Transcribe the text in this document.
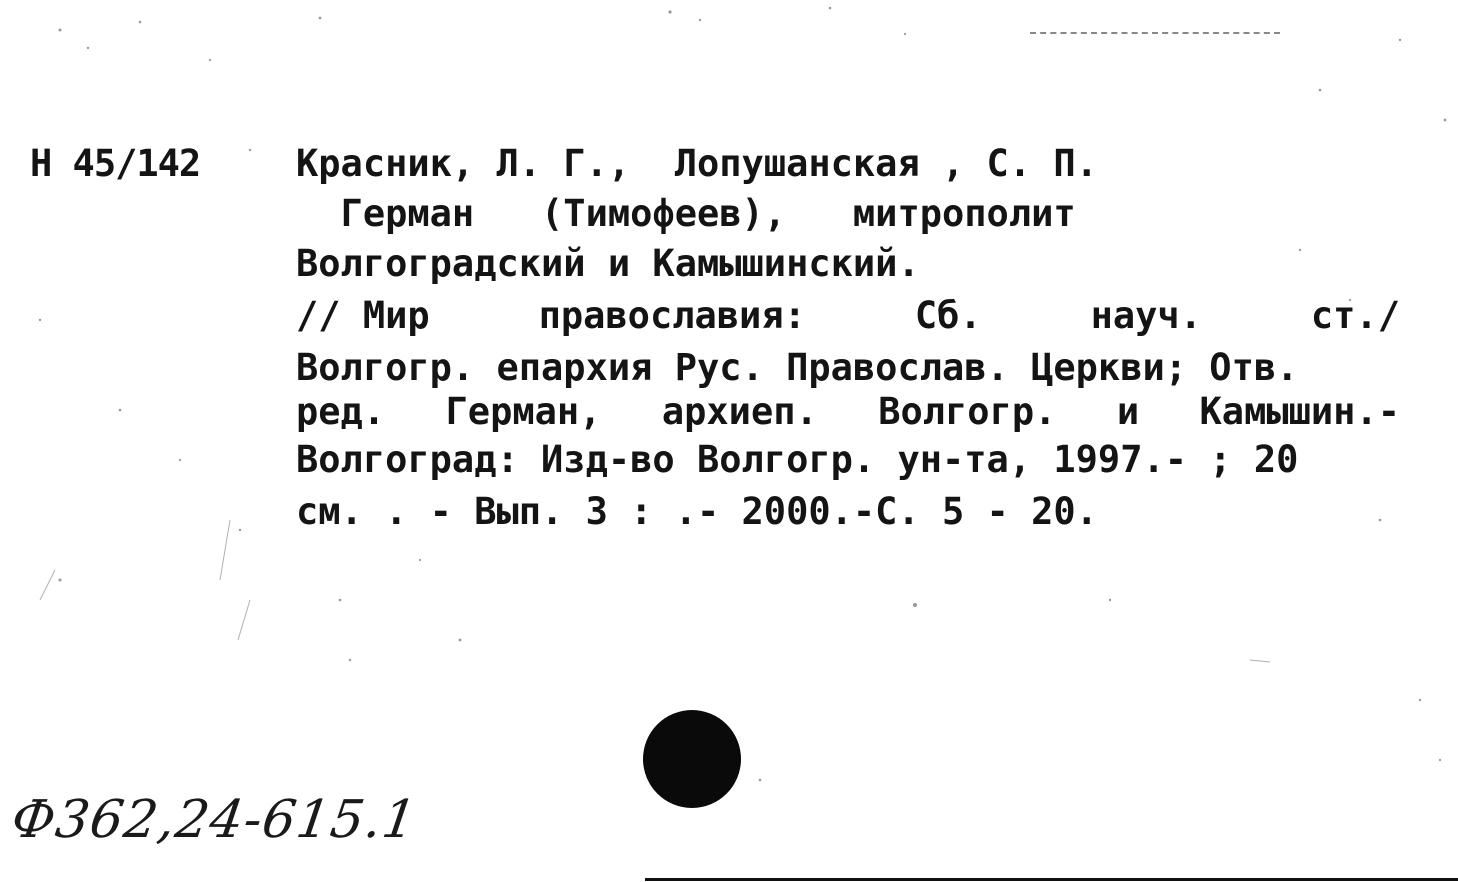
Н 45/142	Красник, Л. Г.,  Лопушанская , С. П.
Герман   (Тимофеев),   митрополит
Волгоградский и Камышинский.
// Мир	православия:	Сб.	науч.	ст./
Волгогр. епархия Рус. Православ. Церкви; Отв.
ред. Герман, архиеп. Волгогр. и Камышин.-
Волгоград: Изд-во Волгогр. ун-та, 1997.- ; 20
см. . - Вып. 3 : .- 2000.-С. 5 - 20.
Ф362,24-615.1
